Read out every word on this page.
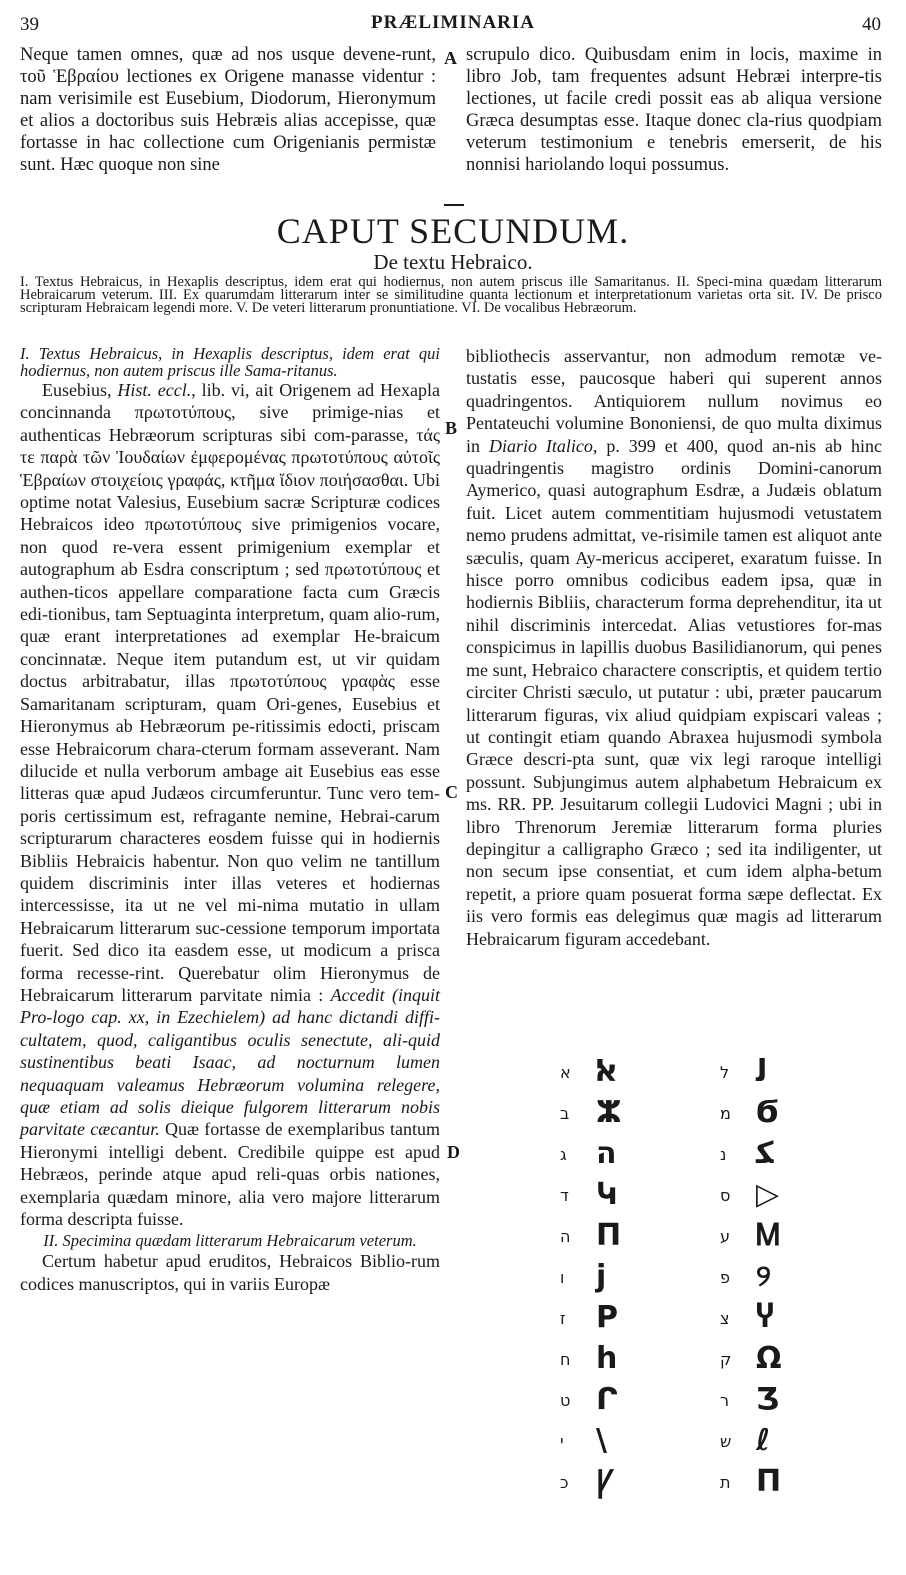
39	PRÆLIMINARIA	40
Neque tamen omnes, quæ ad nos usque devene-runt, τοῦ Ἑβραίου lectiones ex Origene manasse videntur : nam verisimile est Eusebium, Diodorum, Hieronymum et alios a doctoribus suis Hebræis alias accepisse, quæ fortasse in hac collectione cum Origenianis permistæ sunt. Hæc quoque non sine
A scrupulo dico. Quibusdam enim in locis, maxime in libro Job, tam frequentes adsunt Hebræi interpre-tis lectiones, ut facile credi possit eas ab aliqua versione Græca desumptas esse. Itaque donec cla-rius quodpiam veterum testimonium e tenebris emerserit, de his nonnisi hariolando loqui possumus.
CAPUT SECUNDUM.
De textu Hebraico.
I. Textus Hebraicus, in Hexaplis descriptus, idem erat qui hodiernus, non autem priscus ille Samaritanus. II. Speci-mina quædam litterarum Hebraicarum veterum. III. Ex quarumdam litterarum inter se similitudine quanta lectionum et interpretationum varietas orta sit. IV. De prisco scripturam Hebraicam legendi more. V. De veteri litterarum pronuntiatione. VI. De vocalibus Hebræorum.

I. Textus Hebraicus, in Hexaplis descriptus, idem erat qui hodiernus, non autem priscus ille Sama-ritanus.

Eusebius, Hist. eccl., lib. vi, ait Origenem ad Hexapla concinnanda πρωτοτύπους, sive primige-nias et authenticas Hebræorum scripturas sibi com-parasse, τάς τε παρὰ τῶν Ἰουδαίων ἐμφερομένας πρωτοτύπους αὐτοῖς Ἑβραίων στοιχείοις γραφάς, κτῆμα ἴδιον ποιήσασθαι. Ubi optime notat Valesius, Eusebium sacræ Scripturæ codices Hebraicos ideo πρωτοτύπους sive primigenios vocare, non quod re-vera essent primigenium exemplar et autographum ab Esdra conscriptum ; sed πρωτοτύπους et authen-ticos appellare comparatione facta cum Græcis edi-tionibus, tam Septuaginta interpretum, quam alio-rum, quæ erant interpretationes ad exemplar He-braicum concinnatæ. Neque item putandum est, ut vir quidam doctus arbitrabatur, illas πρωτοτύπους γραφὰς esse Samaritanam scripturam, quam Ori-genes, Eusebius et Hieronymus ab Hebræorum pe-ritissimis edocti, priscam esse Hebraicorum chara-cterum formam asseverant. Nam dilucide et nulla verborum ambage ait Eusebius eas esse litteras quæ apud Judæos circumferuntur. Tunc vero tem-poris certissimum est, refragante nemine, Hebrai-carum scripturarum characteres eosdem fuisse qui in hodiernis Bibliis Hebraicis habentur. Non quo velim ne tantillum quidem discriminis inter illas veteres et hodiernas intercessisse, ita ut ne vel mi-nima mutatio in ullam Hebraicarum litterarum suc-cessione temporum importata fuerit. Sed dico ita easdem esse, ut modicum a prisca forma recesse-rint. Querebatur olim Hieronymus de Hebraicarum litterarum parvitate nimia : Accedit (inquit Pro-logo cap. xx, in Ezechielem) ad hanc dictandi diffi-cultatem, quod, caligantibus oculis senectute, ali-quid sustinentibus beati Isaac, ad nocturnum lumen nequaquam valeamus Hebræorum volumina relegere, quæ etiam ad solis dieique fulgorem litterarum nobis parvitate cæcantur. Quæ fortasse de exemplaribus tantum Hieronymi intelligi debent. Credibile quippe est apud Hebræos, perinde atque apud reli-quas orbis nationes, exemplaria quædam minore, alia vero majore litterarum forma descripta fuisse.

II. Specimina quædam litterarum Hebraicarum veterum.

Certum habetur apud eruditos, Hebraicos Biblio-rum codices manuscriptos, qui in variis Europæ

B
C
D

bibliothecis asservantur, non admodum remotæ ve-tustatis esse, paucosque haberi qui superent annos quadringentos. Antiquiorem nullum novimus eo Pentateuchi volumine Bononiensi, de quo multa diximus in Diario Italico, p. 399 et 400, quod an-nis ab hinc quadringentis magistro ordinis Domini-canorum Aymerico, quasi autographum Esdræ, a Judæis oblatum fuit. Licet autem commentitiam hujusmodi vetustatem nemo prudens admittat, ve-risimile tamen est aliquot ante sæculis, quam Ay-mericus acciperet, exaratum fuisse. In hisce porro omnibus codicibus eadem ipsa, quæ in hodiernis Bibliis, characterum forma deprehenditur, ita ut nihil discriminis intercedat. Alias vetustiores for-mas conspicimus in lapillis duobus Basilidianorum, qui penes me sunt, Hebraico charactere conscriptis, et quidem tertio circiter Christi sæculo, ut putatur : ubi, præter paucarum litterarum figuras, vix aliud quidpiam expiscari valeas ; ut contingit etiam quando Abraxea hujusmodi symbola Græce descri-pta sunt, quæ vix legi raroque intelligi possunt. Subjungimus autem alphabetum Hebraicum ex ms. RR. PP. Jesuitarum collegii Ludovici Magni ; ubi in libro Threnorum Jeremiæ litterarum forma pluries depingitur a calligrapho Græco ; sed ita indiligenter, ut non secum ipse consentiat, et cum idem alpha-betum repetit, a priore quam posuerat forma sæpe deflectat. Ex iis vero formis eas delegimus quæ magis ad litterarum Hebraicarum figuram accedebant.

א ﭏ
ב ⵣ
ג ה
ד Կ
ה П
ו ϳ
ז P
ח h
ט ᒋ
י \
כ Ꝩ
ל ﻟ
מ Ϭ
נ ﮑ
ס ▷
ע Ꮇ
פ ୨
צ Ⴤ
ק Ω
ר Ӡ
ש ℓ
ת Π
